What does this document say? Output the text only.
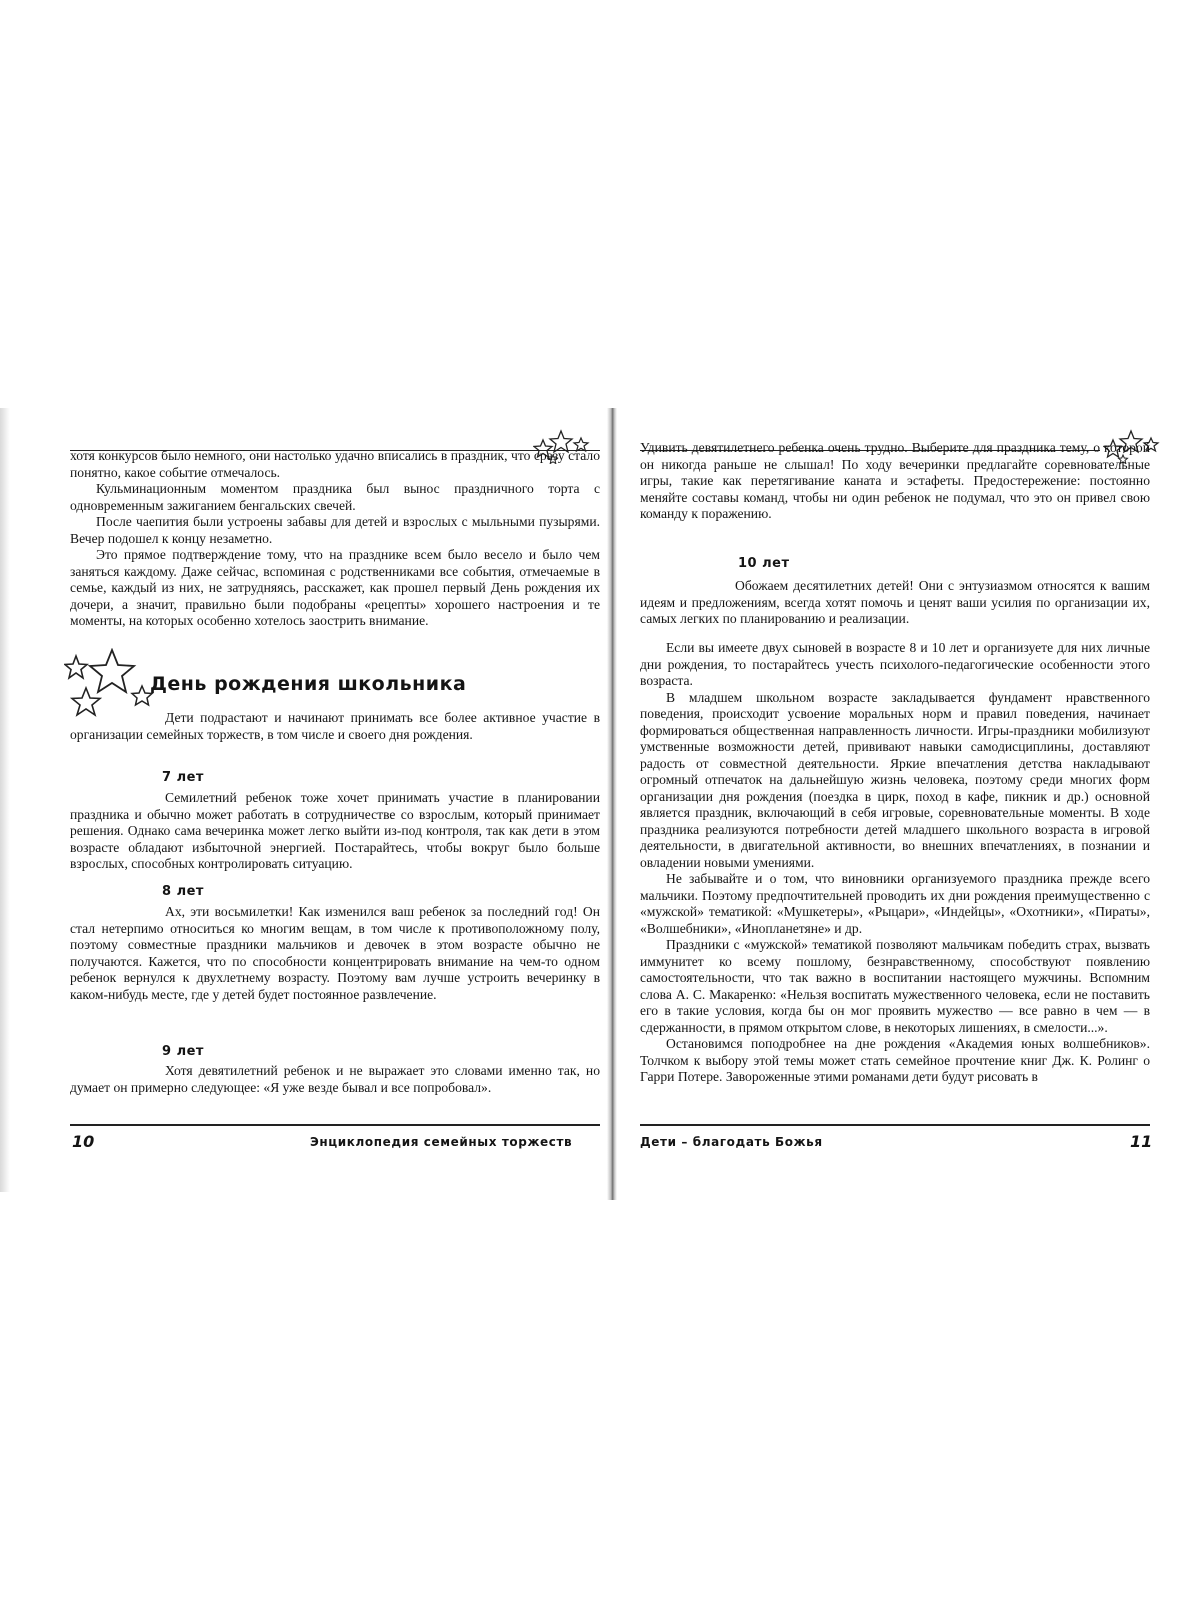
хотя конкурсов было немного, они настолько удачно вписались в праздник, что сразу стало понятно, какое событие отмечалось.

Кульминационным моментом праздника был вынос праздничного торта с одновременным зажиганием бенгальских свечей.

После чаепития были устроены забавы для детей и взрослых с мыльными пузырями. Вечер подошел к концу незаметно.

Это прямое подтверждение тому, что на празднике всем было весело и было чем заняться каждому. Даже сейчас, вспоминая с родственниками все события, отмечаемые в семье, каждый из них, не затрудняясь, расскажет, как прошел первый День рождения их дочери, а значит, правильно были подобраны «рецепты» хорошего настроения и те моменты, на которых особенно хотелось заострить внимание.

День рождения школьника

Дети подрастают и начинают принимать все более активное участие в организации семейных торжеств, в том числе и своего дня рождения.

7 лет

Семилетний ребенок тоже хочет принимать участие в планировании праздника и обычно может работать в сотрудничестве со взрослым, который принимает решения. Однако сама вечеринка может легко выйти из-под контроля, так как дети в этом возрасте обладают избыточной энергией. Постарайтесь, чтобы вокруг было больше взрослых, способных контролировать ситуацию.

8 лет

Ах, эти восьмилетки! Как изменился ваш ребенок за последний год! Он стал нетерпимо относиться ко многим вещам, в том числе к противоположному полу, поэтому совместные праздники мальчиков и девочек в этом возрасте обычно не получаются. Кажется, что по способности концентрировать внимание на чем-то одном ребенок вернулся к двухлетнему возрасту. Поэтому вам лучше устроить вечеринку в каком-нибудь месте, где у детей будет постоянное развлечение.

9 лет

Хотя девятилетний ребенок и не выражает это словами именно так, но думает он примерно следующее: «Я уже везде бывал и все попробовал».

10	Энциклопедия семейных торжеств

Удивить девятилетнего ребенка очень трудно. Выберите для праздника тему, о которой он никогда раньше не слышал! По ходу вечеринки предлагайте соревновательные игры, такие как перетягивание каната и эстафеты. Предостережение: постоянно меняйте составы команд, чтобы ни один ребенок не подумал, что это он привел свою команду к поражению.

10 лет

Обожаем десятилетних детей! Они с энтузиазмом относятся к вашим идеям и предложениям, всегда хотят помочь и ценят ваши усилия по организации их, самых легких по планированию и реализации.

Если вы имеете двух сыновей в возрасте 8 и 10 лет и организуете для них личные дни рождения, то постарайтесь учесть психолого-педагогические особенности этого возраста.

В младшем школьном возрасте закладывается фундамент нравственного поведения, происходит усвоение моральных норм и правил поведения, начинает формироваться общественная направленность личности. Игры-праздники мобилизуют умственные возможности детей, прививают навыки самодисциплины, доставляют радость от совместной деятельности. Яркие впечатления детства накладывают огромный отпечаток на дальнейшую жизнь человека, поэтому среди многих форм организации дня рождения (поездка в цирк, поход в кафе, пикник и др.) основной является праздник, включающий в себя игровые, соревновательные моменты. В ходе праздника реализуются потребности детей младшего школьного возраста в игровой деятельности, в двигательной активности, во внешних впечатлениях, в познании и овладении новыми умениями.

Не забывайте и о том, что виновники организуемого праздника прежде всего мальчики. Поэтому предпочтительней проводить их дни рождения преимущественно с «мужской» тематикой: «Мушкетеры», «Рыцари», «Индейцы», «Охотники», «Пираты», «Волшебники», «Инопланетяне» и др.

Праздники с «мужской» тематикой позволяют мальчикам победить страх, вызвать иммунитет ко всему пошлому, безнравственному, способствуют появлению самостоятельности, что так важно в воспитании настоящего мужчины. Вспомним слова А. С. Макаренко: «Нельзя воспитать мужественного человека, если не поставить его в такие условия, когда бы он мог проявить мужество — все равно в чем — в сдержанности, в прямом открытом слове, в некоторых лишениях, в смелости...».

Остановимся поподробнее на дне рождения «Академия юных волшебников». Толчком к выбору этой темы может стать семейное прочтение книг Дж. К. Ролинг о Гарри Потере. Завороженные этими романами дети будут рисовать в

Дети – благодать Божья	11
